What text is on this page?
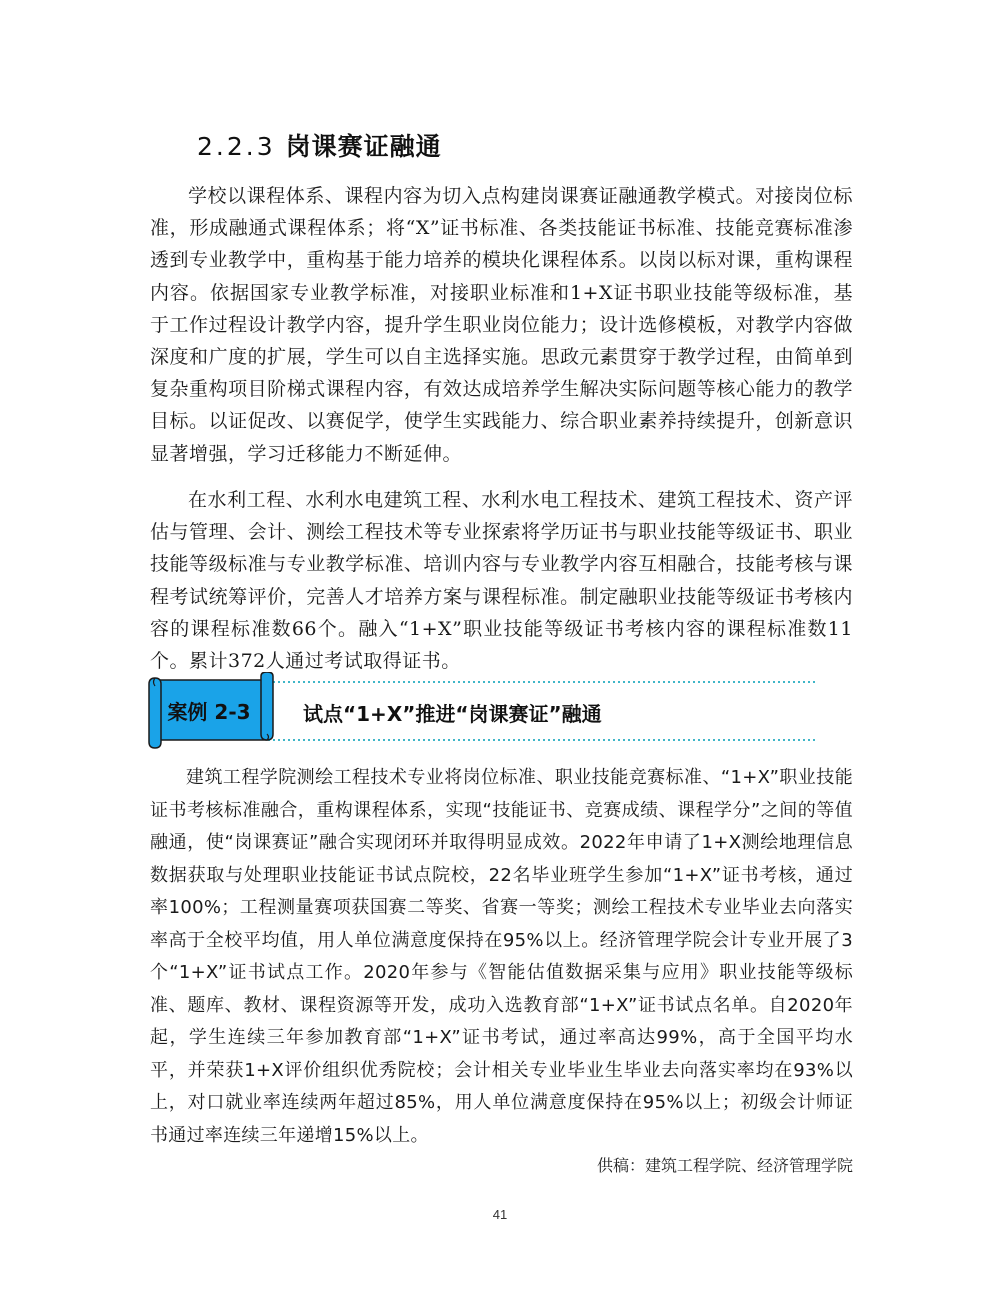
2.2.3 岗课赛证融通

学校以课程体系、课程内容为切入点构建岗课赛证融通教学模式。对接岗位标准，形成融通式课程体系；将“X”证书标准、各类技能证书标准、技能竞赛标准渗透到专业教学中，重构基于能力培养的模块化课程体系。以岗以标对课，重构课程内容。依据国家专业教学标准，对接职业标准和1+X证书职业技能等级标准，基于工作过程设计教学内容，提升学生职业岗位能力；设计选修模板，对教学内容做深度和广度的扩展，学生可以自主选择实施。思政元素贯穿于教学过程，由简单到复杂重构项目阶梯式课程内容，有效达成培养学生解决实际问题等核心能力的教学目标。以证促改、以赛促学，使学生实践能力、综合职业素养持续提升，创新意识显著增强，学习迁移能力不断延伸。

在水利工程、水利水电建筑工程、水利水电工程技术、建筑工程技术、资产评估与管理、会计、测绘工程技术等专业探索将学历证书与职业技能等级证书、职业技能等级标准与专业教学标准、培训内容与专业教学内容互相融合，技能考核与课程考试统筹评价，完善人才培养方案与课程标准。制定融职业技能等级证书考核内容的课程标准数66个。融入“1+X”职业技能等级证书考核内容的课程标准数11个。累计372人通过考试取得证书。

案例 2-3	试点“1+X”推进“岗课赛证”融通

建筑工程学院测绘工程技术专业将岗位标准、职业技能竞赛标准、“1+X”职业技能证书考核标准融合，重构课程体系，实现“技能证书、竞赛成绩、课程学分”之间的等值融通，使“岗课赛证”融合实现闭环并取得明显成效。2022年申请了1+X测绘地理信息数据获取与处理职业技能证书试点院校，22名毕业班学生参加“1+X”证书考核，通过率100%；工程测量赛项获国赛二等奖、省赛一等奖；测绘工程技术专业毕业去向落实率高于全校平均值，用人单位满意度保持在95%以上。经济管理学院会计专业开展了3个“1+X”证书试点工作。2020年参与《智能估值数据采集与应用》职业技能等级标准、题库、教材、课程资源等开发，成功入选教育部“1+X”证书试点名单。自2020年起，学生连续三年参加教育部“1+X”证书考试，通过率高达99%，高于全国平均水平，并荣获1+X评价组织优秀院校；会计相关专业毕业生毕业去向落实率均在93%以上，对口就业率连续两年超过85%，用人单位满意度保持在95%以上；初级会计师证书通过率连续三年递增15%以上。

供稿：建筑工程学院、经济管理学院

41
